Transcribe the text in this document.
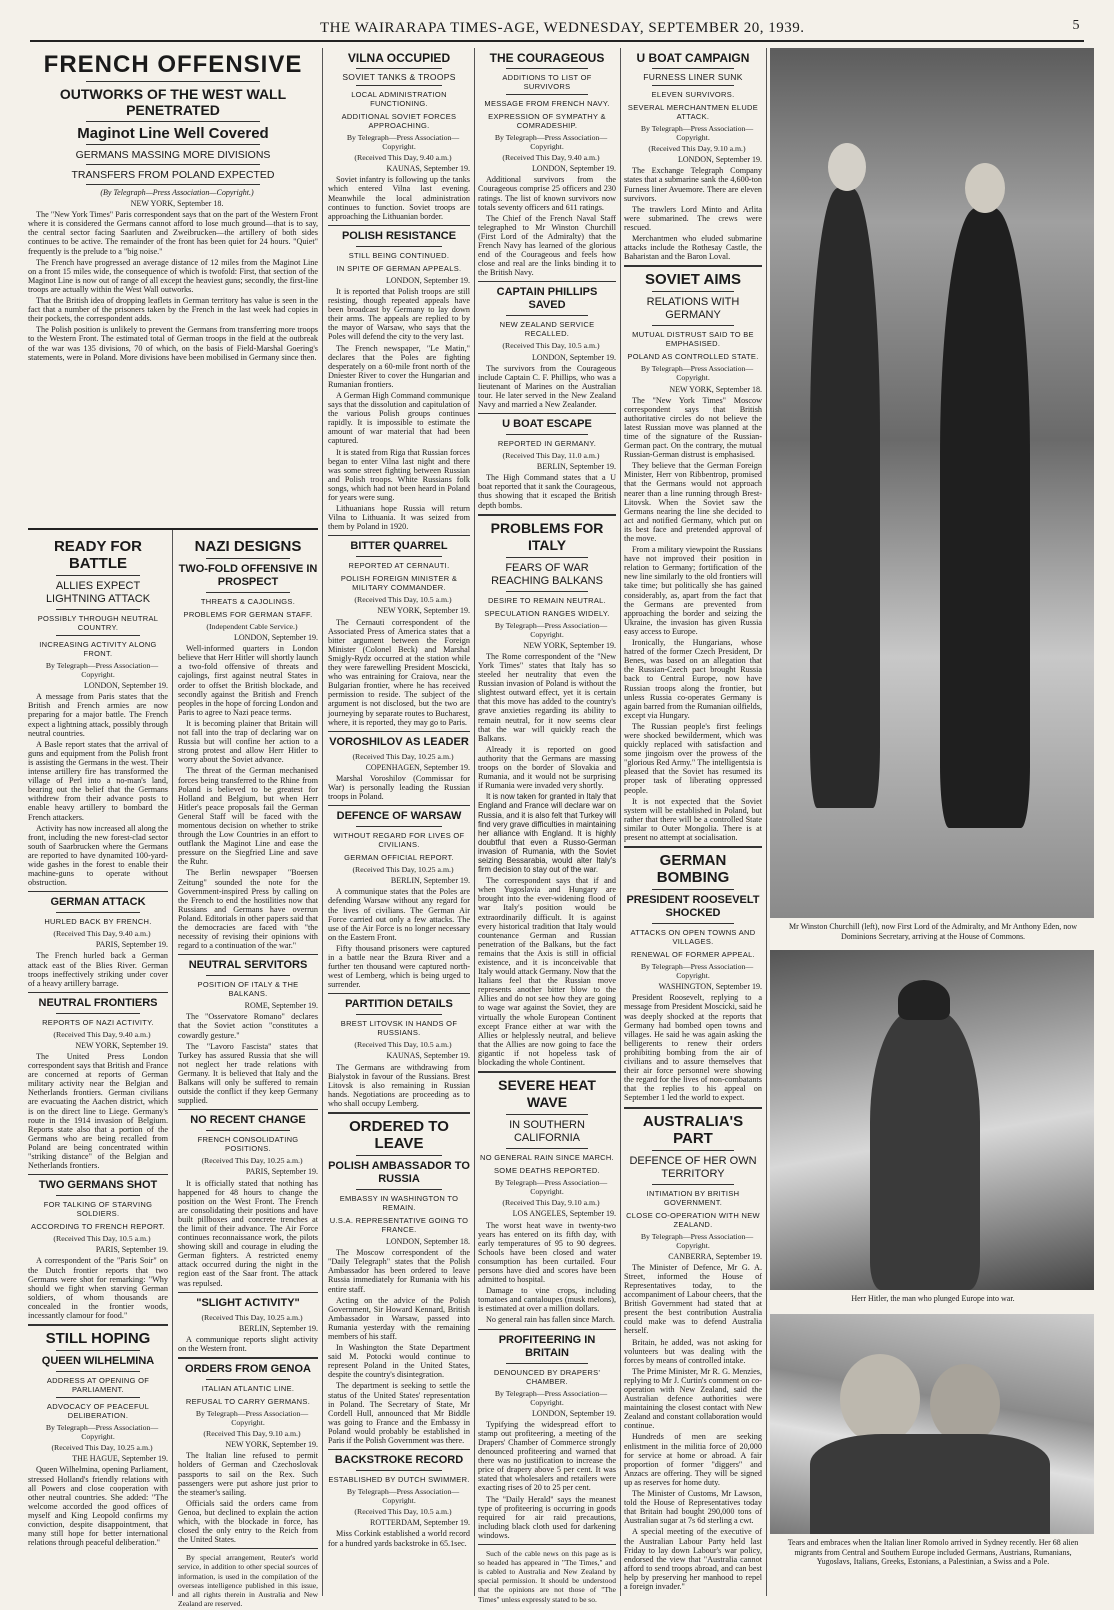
THE WAIRARAPA TIMES-AGE, WEDNESDAY, SEPTEMBER 20, 1939.	5
FRENCH OFFENSIVE
OUTWORKS OF THE WEST WALL PENETRATED
Maginot Line Well Covered
GERMANS MASSING MORE DIVISIONS
TRANSFERS FROM POLAND EXPECTED

(By Telegraph—Press Association—Copyright.)

NEW YORK, September 18.

The "New York Times" Paris correspondent says that on the part of the Western Front where it is considered the Germans cannot afford to lose much ground—that is to say, the central sector facing Saarluten and Zweibrucken—the artillery of both sides continues to be active. The remainder of the front has been quiet for 24 hours. "Quiet" frequently is the prelude to a "big noise."

The French have progressed an average distance of 12 miles from the Maginot Line on a front 15 miles wide, the consequence of which is twofold: First, that section of the Maginot Line is now out of range of all except the heaviest guns; secondly, the first-line troops are actually within the West Wall outworks.

That the British idea of dropping leaflets in German territory has value is seen in the fact that a number of the prisoners taken by the French in the last week had copies in their pockets, the correspondent adds.

The Polish position is unlikely to prevent the Germans from transferring more troops to the Western Front. The estimated total of German troops in the field at the outbreak of the war was 135 divisions, 70 of which, on the basis of Field-Marshal Goering's statements, were in Poland. More divisions have been mobilised in Germany since then.

READY FOR BATTLE
ALLIES EXPECT LIGHTNING ATTACK
POSSIBLY THROUGH NEUTRAL COUNTRY.
INCREASING ACTIVITY ALONG FRONT.

By Telegraph—Press Association—Copyright.

LONDON, September 19.

A message from Paris states that the British and French armies are now preparing for a major battle. The French expect a lightning attack, possibly through neutral countries.

A Basle report states that the arrival of guns and equipment from the Polish front is assisting the Germans in the west. Their intense artillery fire has transformed the village of Perl into a no-man's land, bearing out the belief that the Germans withdrew from their advance posts to enable heavy artillery to bombard the French attackers.

Activity has now increased all along the front, including the new forest-clad sector south of Saarbrucken where the Germans are reported to have dynamited 100-yard-wide gashes in the forest to enable their machine-guns to operate without obstruction.

GERMAN ATTACK
HURLED BACK BY FRENCH.

(Received This Day, 9.40 a.m.)

PARIS, September 19.

The French hurled back a German attack east of the Blies River. German troops ineffectively striking under cover of a heavy artillery barrage.

NEUTRAL FRONTIERS
REPORTS OF NAZI ACTIVITY.

(Received This Day, 9.40 a.m.)

NEW YORK, September 19.

The United Press London correspondent says that British and France are concerned at reports of German military activity near the Belgian and Netherlands frontiers. German civilians are evacuating the Aachen district, which is on the direct line to Liege. Germany's route in the 1914 invasion of Belgium. Reports state also that a portion of the Germans who are being recalled from Poland are being concentrated within "striking distance" of the Belgian and Netherlands frontiers.

TWO GERMANS SHOT
FOR TALKING OF STARVING SOLDIERS.
ACCORDING TO FRENCH REPORT.

(Received This Day, 10.5 a.m.)

PARIS, September 19.

A correspondent of the "Paris Soir" on the Dutch frontier reports that two Germans were shot for remarking: "Why should we fight when starving German soldiers, of whom thousands are concealed in the frontier woods, incessantly clamour for food."

STILL HOPING
QUEEN WILHELMINA
ADDRESS AT OPENING OF PARLIAMENT.
ADVOCACY OF PEACEFUL DELIBERATION.

By Telegraph—Press Association—Copyright.

(Received This Day, 10.25 a.m.)

THE HAGUE, September 19.

Queen Wilhelmina, opening Parliament, stressed Holland's friendly relations with all Powers and close cooperation with other neutral countries. She added: "The welcome accorded the good offices of myself and King Leopold confirms my conviction, despite disappointment, that many still hope for better international relations through peaceful deliberation."

NAZI DESIGNS
TWO-FOLD OFFENSIVE IN PROSPECT
THREATS & CAJOLINGS.
PROBLEMS FOR GERMAN STAFF.

(Independent Cable Service.)

LONDON, September 19.

Well-informed quarters in London believe that Herr Hitler will shortly launch a two-fold offensive of threats and cajolings, first against neutral States in order to offset the British blockade, and secondly against the British and French peoples in the hope of forcing London and Paris to agree to Nazi peace terms.

It is becoming plainer that Britain will not fall into the trap of declaring war on Russia but will confine her action to a strong protest and allow Herr Hitler to worry about the Soviet advance.

The threat of the German mechanised forces being transferred to the Rhine from Poland is believed to be greatest for Holland and Belgium, but when Herr Hitler's peace proposals fail the German General Staff will be faced with the momentous decision on whether to strike through the Low Countries in an effort to outflank the Maginot Line and ease the pressure on the Siegfried Line and save the Ruhr.

The Berlin newspaper "Boersen Zeitung" sounded the note for the Government-inspired Press by calling on the French to end the hostilities now that Russians and Germans have overrun Poland. Editorials in other papers said that the democracies are faced with "the necessity of revising their opinions with regard to a continuation of the war."

NEUTRAL SERVITORS
POSITION OF ITALY & THE BALKANS.

ROME, September 19.

The "Osservatore Romano" declares that the Soviet action "constitutes a cowardly gesture."

The "Lavoro Fascista" states that Turkey has assured Russia that she will not neglect her trade relations with Germany. It is believed that Italy and the Balkans will only be suffered to remain outside the conflict if they keep Germany supplied.

NO RECENT CHANGE
FRENCH CONSOLIDATING POSITIONS.

(Received This Day, 10.25 a.m.)

PARIS, September 19.

It is officially stated that nothing has happened for 48 hours to change the position on the West Front. The French are consolidating their positions and have built pillboxes and concrete trenches at the limit of their advance. The Air Force continues reconnaissance work, the pilots showing skill and courage in eluding the German fighters. A restricted enemy attack occurred during the night in the region east of the Saar front. The attack was repulsed.

"SLIGHT ACTIVITY"

(Received This Day, 10.25 a.m.)

BERLIN, September 19.

A communique reports slight activity on the Western front.

ORDERS FROM GENOA
ITALIAN ATLANTIC LINE.
REFUSAL TO CARRY GERMANS.

By Telegraph—Press Association—Copyright.

(Received This Day, 9.10 a.m.)

NEW YORK, September 19.

The Italian line refused to permit holders of German and Czechoslovak passports to sail on the Rex. Such passengers were put ashore just prior to the steamer's sailing.

Officials said the orders came from Genoa, but declined to explain the action which, with the blockade in force, has closed the only entry to the Reich from the United States.

By special arrangement, Reuter's world service, in addition to other special sources of information, is used in the compilation of the overseas intelligence published in this issue, and all rights therein in Australia and New Zealand are reserved.

VILNA OCCUPIED
SOVIET TANKS & TROOPS
LOCAL ADMINISTRATION FUNCTIONING.
ADDITIONAL SOVIET FORCES APPROACHING.

By Telegraph—Press Association—Copyright.

(Received This Day, 9.40 a.m.)

KAUNAS, September 19.

Soviet infantry is following up the tanks which entered Vilna last evening. Meanwhile the local administration continues to function. Soviet troops are approaching the Lithuanian border.

POLISH RESISTANCE
STILL BEING CONTINUED.
IN SPITE OF GERMAN APPEALS.

LONDON, September 19.

It is reported that Polish troops are still resisting, though repeated appeals have been broadcast by Germany to lay down their arms. The appeals are replied to by the mayor of Warsaw, who says that the Poles will defend the city to the very last.

The French newspaper, "Le Matin," declares that the Poles are fighting desperately on a 60-mile front north of the Dniester River to cover the Hungarian and Rumanian frontiers.

A German High Command communique says that the dissolution and capitulation of the various Polish groups continues rapidly. It is impossible to estimate the amount of war material that had been captured.

It is stated from Riga that Russian forces began to enter Vilna last night and there was some street fighting between Russian and Polish troops. White Russians folk songs, which had not been heard in Poland for years were sung.

Lithuanians hope Russia will return Vilna to Lithuania. It was seized from them by Poland in 1920.

BITTER QUARREL
REPORTED AT CERNAUTI.
POLISH FOREIGN MINISTER & MILITARY COMMANDER.

(Received This Day, 10.5 a.m.)

NEW YORK, September 19.

The Cernauti correspondent of the Associated Press of America states that a bitter argument between the Foreign Minister (Colonel Beck) and Marshal Smigly-Rydz occurred at the station while they were farewelling President Moscicki, who was entraining for Craiova, near the Bulgarian frontier, where he has received permission to reside. The subject of the argument is not disclosed, but the two are journeying by separate routes to Bucharest, where, it is reported, they may go to Paris.

VOROSHILOV AS LEADER

(Received This Day, 10.25 a.m.)

COPENHAGEN, September 19.

Marshal Voroshilov (Commissar for War) is personally leading the Russian troops in Poland.

DEFENCE OF WARSAW
WITHOUT REGARD FOR LIVES OF CIVILIANS.
GERMAN OFFICIAL REPORT.

(Received This Day, 10.25 a.m.)

BERLIN, September 19.

A communique states that the Poles are defending Warsaw without any regard for the lives of civilians. The German Air Force carried out only a few attacks. The use of the Air Force is no longer necessary on the Eastern Front.

Fifty thousand prisoners were captured in a battle near the Bzura River and a further ten thousand were captured north-west of Lemberg, which is being urged to surrender.

PARTITION DETAILS
BREST LITOVSK IN HANDS OF RUSSIANS.

(Received This Day, 10.5 a.m.)

KAUNAS, September 19.

The Germans are withdrawing from Bialystok in favour of the Russians. Brest Litovsk is also remaining in Russian hands. Negotiations are proceeding as to who shall occupy Lemberg.

ORDERED TO LEAVE
POLISH AMBASSADOR TO RUSSIA
EMBASSY IN WASHINGTON TO REMAIN.
U.S.A. REPRESENTATIVE GOING TO FRANCE.

LONDON, September 18.

The Moscow correspondent of the "Daily Telegraph" states that the Polish Ambassador has been ordered to leave Russia immediately for Rumania with his entire staff.

Acting on the advice of the Polish Government, Sir Howard Kennard, British Ambassador in Warsaw, passed into Rumania yesterday with the remaining members of his staff.

In Washington the State Department said M. Potocki would continue to represent Poland in the United States, despite the country's disintegration.

The department is seeking to settle the status of the United States' representation in Poland. The Secretary of State, Mr Cordell Hull, announced that Mr Biddle was going to France and the Embassy in Poland would probably be established in Paris if the Polish Government was there.

BACKSTROKE RECORD
ESTABLISHED BY DUTCH SWIMMER.

By Telegraph—Press Association—Copyright.

(Received This Day, 10.5 a.m.)

ROTTERDAM, September 19.

Miss Corkink established a world record for a hundred yards backstroke in 65.1sec.

THE COURAGEOUS
ADDITIONS TO LIST OF SURVIVORS
MESSAGE FROM FRENCH NAVY.
EXPRESSION OF SYMPATHY & COMRADESHIP.

By Telegraph—Press Association—Copyright.

(Received This Day, 9.40 a.m.)

LONDON, September 19.

Additional survivors from the Courageous comprise 25 officers and 230 ratings. The list of known survivors now totals seventy officers and 611 ratings.

The Chief of the French Naval Staff telegraphed to Mr Winston Churchill (First Lord of the Admiralty) that the French Navy has learned of the glorious end of the Courageous and feels how close and real are the links binding it to the British Navy.

CAPTAIN PHILLIPS SAVED
NEW ZEALAND SERVICE RECALLED.

(Received This Day, 10.5 a.m.)

LONDON, September 19.

The survivors from the Courageous include Captain C. F. Phillips, who was a lieutenant of Marines on the Australian tour. He later served in the New Zealand Navy and married a New Zealander.

U BOAT ESCAPE
REPORTED IN GERMANY.

(Received This Day, 11.0 a.m.)

BERLIN, September 19.

The High Command states that a U boat reported that it sank the Courageous, thus showing that it escaped the British depth bombs.

PROBLEMS FOR ITALY
FEARS OF WAR REACHING BALKANS
DESIRE TO REMAIN NEUTRAL.
SPECULATION RANGES WIDELY.

By Telegraph—Press Association—Copyright.

NEW YORK, September 19.

The Rome correspondent of the "New York Times" states that Italy has so steeled her neutrality that even the Russian invasion of Poland is without the slightest outward effect, yet it is certain that this move has added to the country's grave anxieties regarding its ability to remain neutral, for it now seems clear that the war will quickly reach the Balkans.

Already it is reported on good authority that the Germans are massing troops on the border of Slovakia and Rumania, and it would not be surprising if Rumania were invaded very shortly.

It is now taken for granted in Italy that England and France will declare war on Russia, and it is also felt that Turkey will find very grave difficulties in maintaining her alliance with England. It is highly doubtful that even a Russo-German invasion of Rumania, with the Soviet seizing Bessarabia, would alter Italy's firm decision to stay out of the war.

The correspondent says that if and when Yugoslavia and Hungary are brought into the ever-widening flood of war Italy's position would be extraordinarily difficult. It is against every historical tradition that Italy would countenance German and Russian penetration of the Balkans, but the fact remains that the Axis is still in official existence, and it is inconceivable that Italy would attack Germany. Now that the Italians feel that the Russian move represents another bitter blow to the Allies and do not see how they are going to wage war against the Soviet, they are virtually the whole European Continent except France either at war with the Allies or helplessly neutral, and believe that the Allies are now going to face the gigantic if not hopeless task of blockading the whole Continent.

SEVERE HEAT WAVE
IN SOUTHERN CALIFORNIA
NO GENERAL RAIN SINCE MARCH.
SOME DEATHS REPORTED.

By Telegraph—Press Association—Copyright.

(Received This Day, 9.10 a.m.)

LOS ANGELES, September 19.

The worst heat wave in twenty-two years has entered on its fifth day, with early temperatures of 95 to 90 degrees. Schools have been closed and water consumption has been curtailed. Four persons have died and scores have been admitted to hospital.

Damage to vine crops, including tomatoes and cantaloupes (musk melons), is estimated at over a million dollars.

No general rain has fallen since March.

PROFITEERING IN BRITAIN
DENOUNCED BY DRAPERS' CHAMBER.

By Telegraph—Press Association—Copyright.

LONDON, September 19.

Typifying the widespread effort to stamp out profiteering, a meeting of the Drapers' Chamber of Commerce strongly denounced profiteering and warned that there was no justification to increase the price of drapery above 5 per cent. It was stated that wholesalers and retailers were exacting rises of 20 to 25 per cent.

The "Daily Herald" says the meanest type of profiteering is occurring in goods required for air raid precautions, including black cloth used for darkening windows.

Such of the cable news on this page as is so headed has appeared in "The Times," and is cabled to Australia and New Zealand by special permission. It should be understood that the opinions are not those of "The Times" unless expressly stated to be so.

U BOAT CAMPAIGN
FURNESS LINER SUNK
ELEVEN SURVIVORS.
SEVERAL MERCHANTMEN ELUDE ATTACK.

By Telegraph—Press Association—Copyright.

(Received This Day, 9.10 a.m.)

LONDON, September 19.

The Exchange Telegraph Company states that a submarine sank the 4,600-ton Furness liner Avuemore. There are eleven survivors.

The trawlers Lord Minto and Arlita were submarined. The crews were rescued.

Merchantmen who eluded submarine attacks include the Rothesay Castle, the Baharistan and the Baron Loval.

SOVIET AIMS
RELATIONS WITH GERMANY
MUTUAL DISTRUST SAID TO BE EMPHASISED.
POLAND AS CONTROLLED STATE.

By Telegraph—Press Association—Copyright.

NEW YORK, September 18.

The "New York Times" Moscow correspondent says that British authoritative circles do not believe the latest Russian move was planned at the time of the signature of the Russian-German pact. On the contrary, the mutual Russian-German distrust is emphasised.

They believe that the German Foreign Minister, Herr von Ribbentrop, promised that the Germans would not approach nearer than a line running through Brest-Litovsk. When the Soviet saw the Germans nearing the line she decided to act and notified Germany, which put on its best face and pretended approval of the move.

From a military viewpoint the Russians have not improved their position in relation to Germany; fortification of the new line similarly to the old frontiers will take time; but politically she has gained considerably, as, apart from the fact that the Germans are prevented from approaching the border and seizing the Ukraine, the invasion has given Russia easy access to Europe.

Ironically, the Hungarians, whose hatred of the former Czech President, Dr Benes, was based on an allegation that the Russian-Czech pact brought Russia back to Central Europe, now have Russian troops along the frontier, but unless Russia co-operates Germany is again barred from the Rumanian oilfields, except via Hungary.

The Russian people's first feelings were shocked bewilderment, which was quickly replaced with satisfaction and some jingoism over the prowess of the "glorious Red Army." The intelligentsia is pleased that the Soviet has resumed its proper task of liberating oppressed people.

It is not expected that the Soviet system will be established in Poland, but rather that there will be a controlled State similar to Outer Mongolia. There is at present no attempt at socialisation.

GERMAN BOMBING
PRESIDENT ROOSEVELT SHOCKED
ATTACKS ON OPEN TOWNS AND VILLAGES.
RENEWAL OF FORMER APPEAL.

By Telegraph—Press Association—Copyright.

WASHINGTON, September 19.

President Roosevelt, replying to a message from President Moscicki, said he was deeply shocked at the reports that Germany had bombed open towns and villages. He said he was again asking the belligerents to renew their orders prohibiting bombing from the air of civilians and to assure themselves that their air force personnel were showing the regard for the lives of non-combatants that the replies to his appeal on September 1 led the world to expect.

AUSTRALIA'S PART
DEFENCE OF HER OWN TERRITORY
INTIMATION BY BRITISH GOVERNMENT.
CLOSE CO-OPERATION WITH NEW ZEALAND.

By Telegraph—Press Association—Copyright.

CANBERRA, September 19.

The Minister of Defence, Mr G. A. Street, informed the House of Representatives today, to the accompaniment of Labour cheers, that the British Government had stated that at present the best contribution Australia could make was to defend Australia herself.

Britain, he added, was not asking for volunteers but was dealing with the forces by means of controlled intake.

The Prime Minister, Mr R. G. Menzies, replying to Mr J. Curtin's comment on co-operation with New Zealand, said the Australian defence authorities were maintaining the closest contact with New Zealand and constant collaboration would continue.

Hundreds of men are seeking enlistment in the militia force of 20,000 for service at home or abroad. A fair proportion of former "diggers" and Anzacs are offering. They will be signed up as reserves for home duty.

The Minister of Customs, Mr Lawson, told the House of Representatives today that Britain had bought 290,000 tons of Australian sugar at 7s 6d sterling a cwt.

A special meeting of the executive of the Australian Labour Party held last Friday to lay down Labour's war policy, endorsed the view that "Australia cannot afford to send troops abroad, and can best help by preserving her manhood to repel a foreign invader."

Mr Winston Churchill (left), now First Lord of the Admiralty, and Mr Anthony Eden, now Dominions Secretary, arriving at the House of Commons.
Herr Hitler, the man who plunged Europe into war.
Tears and embraces when the Italian liner Romolo arrived in Sydney recently. Her 68 alien migrants from Central and Southern Europe included Germans, Austrians, Rumanians, Yugoslavs, Italians, Greeks, Estonians, a Palestinian, a Swiss and a Pole.
